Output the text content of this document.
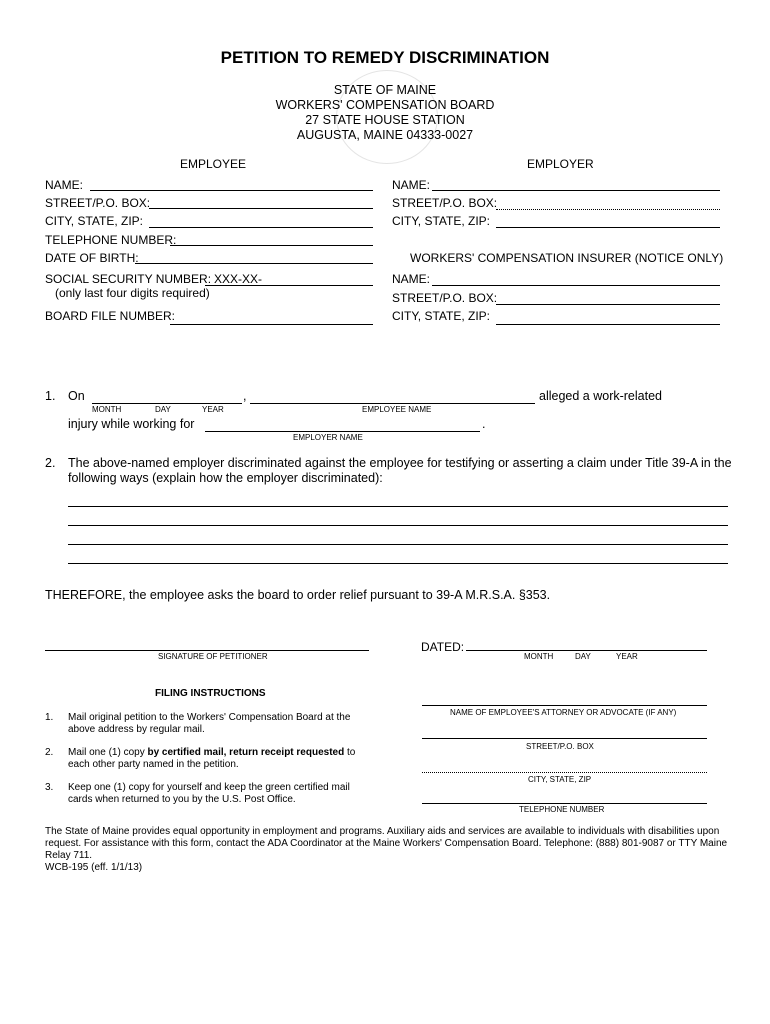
PETITION TO REMEDY DISCRIMINATION
STATE OF MAINE
WORKERS' COMPENSATION BOARD
27 STATE HOUSE STATION
AUGUSTA, MAINE 04333-0027
EMPLOYEE
NAME:
STREET/P.O. BOX:
CITY, STATE, ZIP:
TELEPHONE NUMBER:
DATE OF BIRTH:
SOCIAL SECURITY NUMBER: XXX-XX-
(only last four digits required)
BOARD FILE NUMBER:
EMPLOYER
NAME:
STREET/P.O. BOX:
CITY, STATE, ZIP:
WORKERS' COMPENSATION INSURER (NOTICE ONLY)
NAME:
STREET/P.O. BOX:
CITY, STATE, ZIP:
1. On	,	alleged a work-related
MONTH	DAY	YEAR	EMPLOYEE NAME
injury while working for	.
EMPLOYER NAME
2. The above-named employer discriminated against the employee for testifying or asserting a claim under Title 39-A in the
following ways (explain how the employer discriminated):
THEREFORE, the employee asks the board to order relief pursuant to 39-A M.R.S.A. §353.
SIGNATURE OF PETITIONER
DATED:
MONTH	DAY	YEAR
FILING INSTRUCTIONS
1. Mail original petition to the Workers' Compensation Board at the
above address by regular mail.
2. Mail one (1) copy by certified mail, return receipt requested to
each other party named in the petition.
3. Keep one (1) copy for yourself and keep the green certified mail
cards when returned to you by the U.S. Post Office.
NAME OF EMPLOYEE'S ATTORNEY OR ADVOCATE (IF ANY)
STREET/P.O. BOX
CITY, STATE, ZIP
TELEPHONE NUMBER
The State of Maine provides equal opportunity in employment and programs. Auxiliary aids and services are available to individuals with disabilities upon
request. For assistance with this form, contact the ADA Coordinator at the Maine Workers' Compensation Board. Telephone: (888) 801-9087 or TTY Maine
Relay 711.
WCB-195 (eff. 1/1/13)
